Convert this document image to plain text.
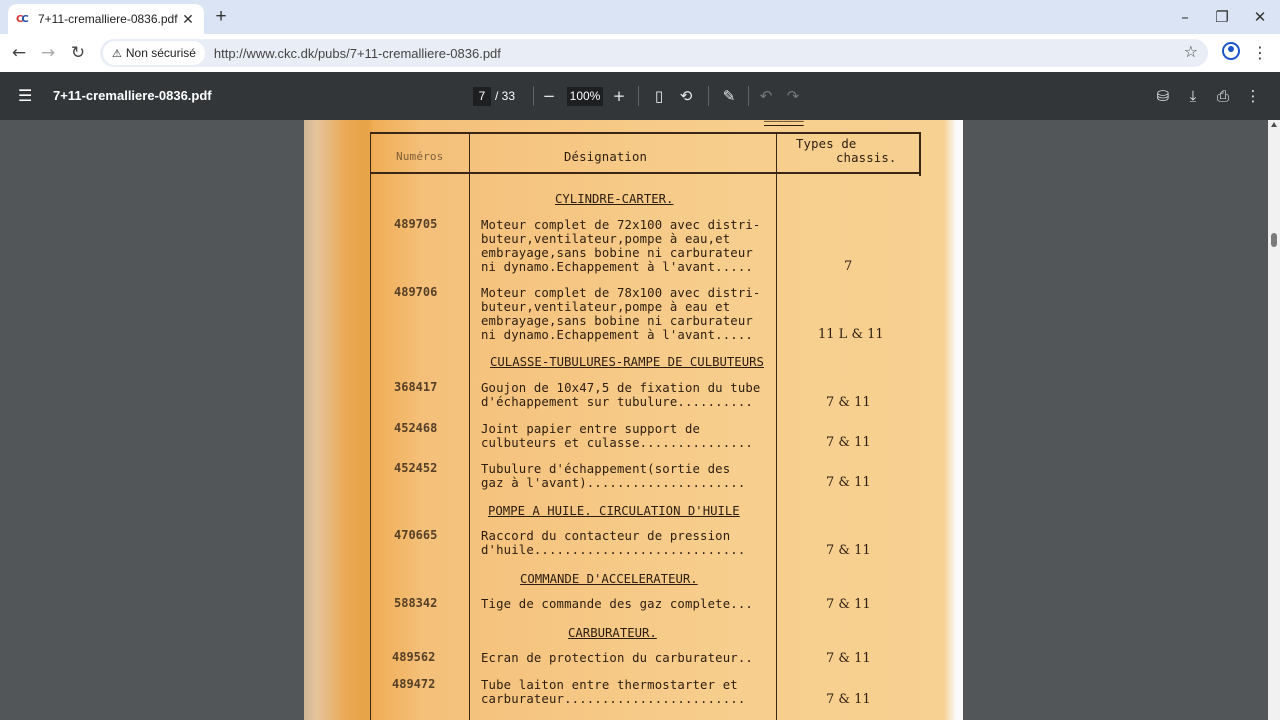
CC 7+11-cremalliere-0836.pdf ✕ +	–	❐	✕
← → ↻	⚠ Non sécurisé http://www.ckc.dk/pubs/7+11-cremalliere-0836.pdf	☆	⋮
☰ 7+11-cremalliere-0836.pdf	7 / 33	−	100% +	▯	⟲	✎	↶ ↷	⛁	⤓	⎙	⋮
——————
Numéros	Désignation
Types de
chassis.
CYLINDRE-CARTER.
CULASSE-TUBULURES-RAMPE DE CULBUTEURS
POMPE A HUILE. CIRCULATION D'HUILE
COMMANDE D'ACCELERATEUR.
CARBURATEUR.
489705	Moteur complet de 72x100 avec distri-
buteur,ventilateur,pompe à eau,et
embrayage,sans bobine ni carburateur
ni dynamo.Echappement à l'avant.....	7
489706	Moteur complet de 78x100 avec distri-
buteur,ventilateur,pompe à eau et
embrayage,sans bobine ni carburateur
ni dynamo.Echappement à l'avant.....	11 L & 11
368417	Goujon de 10x47,5 de fixation du tube
d'échappement sur tubulure..........	7 & 11
452468	Joint papier entre support de
culbuteurs et culasse...............	7 & 11
452452	Tubulure d'échappement(sortie des
gaz à l'avant).....................	7 & 11
470665	Raccord du contacteur de pression
d'huile............................	7 & 11
588342	Tige de commande des gaz complete...	7 & 11
489562	Ecran de protection du carburateur..	7 & 11
489472	Tube laiton entre thermostarter et
carburateur........................	7 & 11
